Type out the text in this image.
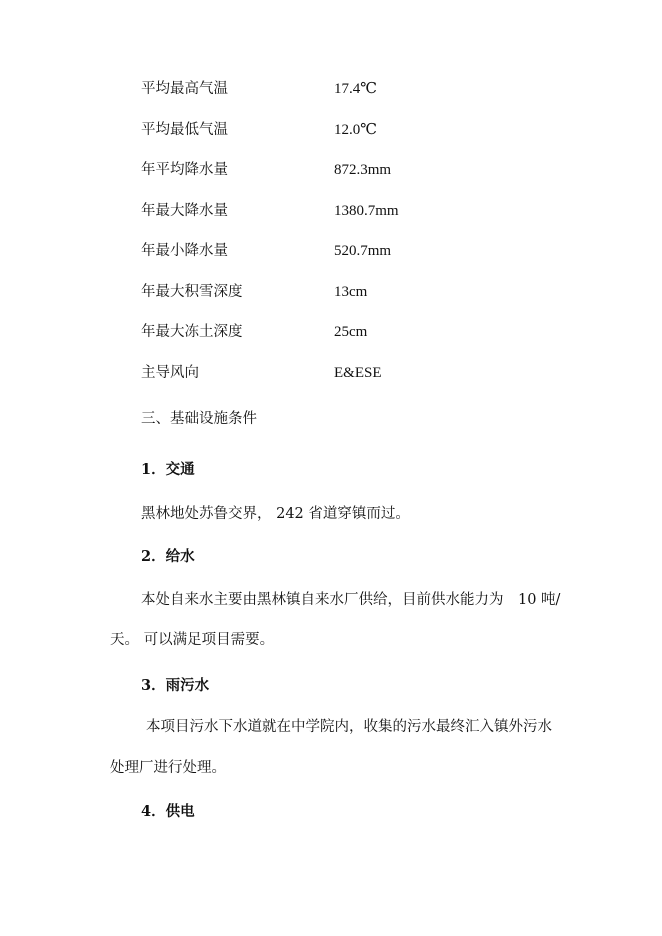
平均最高气温	17.4℃
平均最低气温	12.0℃
年平均降水量	872.3mm
年最大降水量	1380.7mm
年最小降水量	520.7mm
年最大积雪深度	13cm
年最大冻土深度	25cm
主导风向	E&ESE
三、基础设施条件
1．交通
黑林地处苏鲁交界， 242 省道穿镇而过。
2．给水
本处自来水主要由黑林镇自来水厂供给，目前供水能力为　10 吨/
天。 可以满足项目需要。
3．雨污水
本项目污水下水道就在中学院内，收集的污水最终汇入镇外污水
处理厂进行处理。
4．供电
